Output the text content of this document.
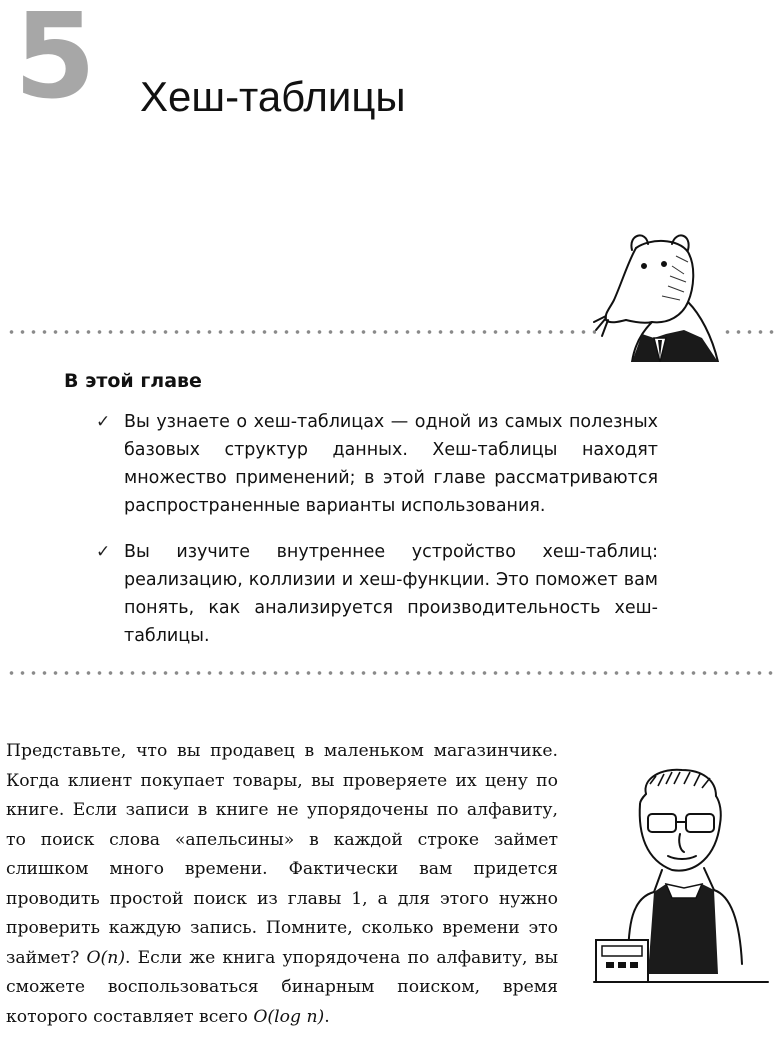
5 Хеш-таблицы
В этой главе
✓ Вы узнаете о хеш-таблицах — одной из самых полезных базовых структур данных. Хеш-таблицы находят множество применений; в этой главе рассматриваются распространенные варианты использования.
✓ Вы изучите внутреннее устройство хеш-таблиц: реализацию, коллизии и хеш-функции. Это поможет вам понять, как анализируется производительность хеш-таблицы.

Представьте, что вы продавец в маленьком магазинчике. Когда клиент покупает товары, вы проверяете их цену по книге. Если записи в книге не упорядочены по алфавиту, то поиск слова «апельсины» в каждой строке займет слишком много времени. Фактически вам придется проводить простой поиск из главы 1, а для этого нужно проверить каждую запись. Помните, сколько времени это займет? O(n). Если же книга упорядочена по алфавиту, вы сможете воспользоваться бинарным поиском, время которого составляет всего O(log n).
